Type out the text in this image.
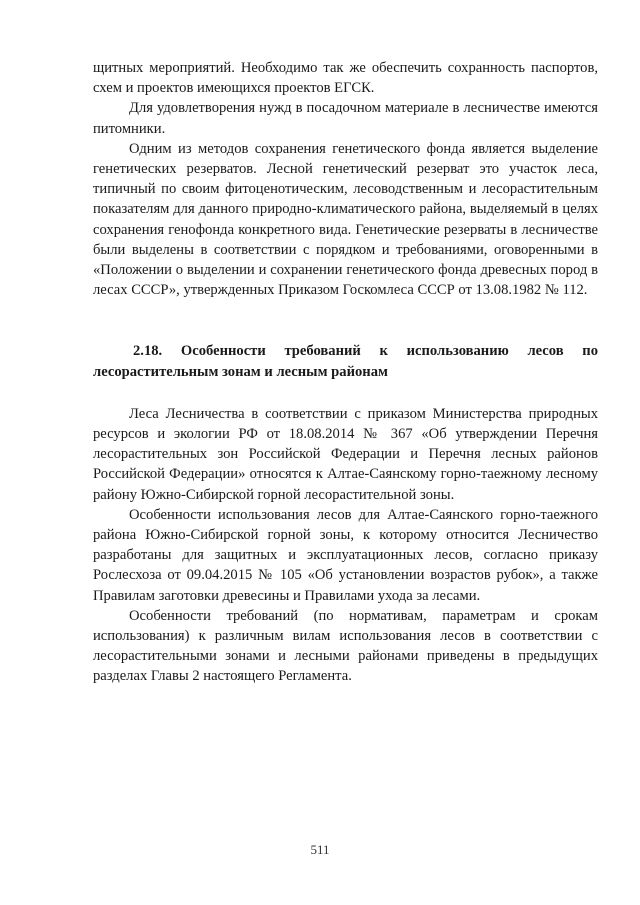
щитных мероприятий. Необходимо так же обеспечить сохранность паспортов, схем и проектов имеющихся проектов ЕГСК.

Для удовлетворения нужд в посадочном материале в лесничестве имеются питомники.

Одним из методов сохранения генетического фонда является выделение генетических резерватов. Лесной генетический резерват это участок леса, типичный по своим фитоценотическим, лесоводственным и лесорастительным показателям для данного природно-климатического района, выделяемый в целях сохранения генофонда конкретного вида. Генетические резерваты в лесничестве были выделены в соответствии с порядком и требованиями, оговоренными в «Положении о выделении и сохранении генетического фонда древесных пород в лесах СССР», утвержденных Приказом Госкомлеса СССР от 13.08.1982 № 112.

2.18. Особенности требований к использованию лесов по лесорастительным зонам и лесным районам

Леса Лесничества в соответствии с приказом Министерства природных ресурсов и экологии РФ от 18.08.2014 № 367 «Об утверждении Перечня лесорастительных зон Российской Федерации и Перечня лесных районов Российской Федерации» относятся к Алтае-Саянскому горно-таежному лесному району Южно-Сибирской горной лесорастительной зоны.

Особенности использования лесов для Алтае-Саянского горно-таежного района Южно-Сибирской горной зоны, к которому относится Лесничество разработаны для защитных и эксплуатационных лесов, согласно приказу Рослесхоза от 09.04.2015 № 105 «Об установлении возрастов рубок», а также Правилам заготовки древесины и Правилами ухода за лесами.

Особенности требований (по нормативам, параметрам и срокам использования) к различным вилам использования лесов в соответствии с лесорастительными зонами и лесными районами приведены в предыдущих разделах Главы 2 настоящего Регламента.

511
